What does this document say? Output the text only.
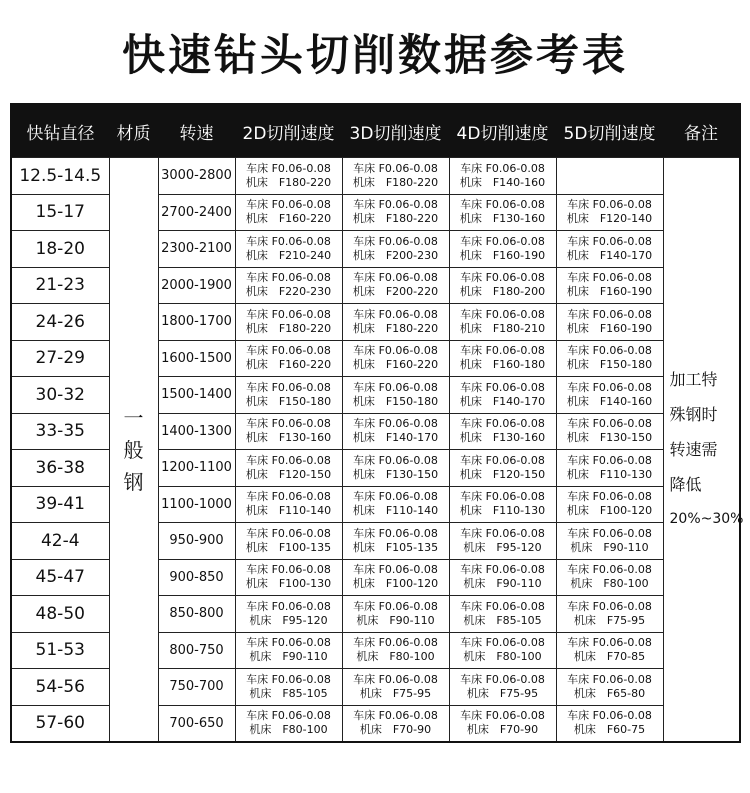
快速钻头切削数据参考表
快钻直径	材质	转速	2D切削速度	3D切削速度	4D切削速度	5D切削速度	备注
12.5-14.5	一
般
钢	3000-2800	车床 F0.06-0.08
机床　F180-220	车床 F0.06-0.08
机床　F180-220	车床 F0.06-0.08
机床　F140-160		加工特
殊钢时
转速需
降低
20%~30%

15-17		2700-2400	车床 F0.06-0.08
机床　F160-220	车床 F0.06-0.08
机床　F180-220	车床 F0.06-0.08
机床　F130-160	车床 F0.06-0.08
机床　F120-140	

18-20		2300-2100	车床 F0.06-0.08
机床　F210-240	车床 F0.06-0.08
机床　F200-230	车床 F0.06-0.08
机床　F160-190	车床 F0.06-0.08
机床　F140-170	

21-23		2000-1900	车床 F0.06-0.08
机床　F220-230	车床 F0.06-0.08
机床　F200-220	车床 F0.06-0.08
机床　F180-200	车床 F0.06-0.08
机床　F160-190	

24-26		1800-1700	车床 F0.06-0.08
机床　F180-220	车床 F0.06-0.08
机床　F180-220	车床 F0.06-0.08
机床　F180-210	车床 F0.06-0.08
机床　F160-190	

27-29		1600-1500	车床 F0.06-0.08
机床　F160-220	车床 F0.06-0.08
机床　F160-220	车床 F0.06-0.08
机床　F160-180	车床 F0.06-0.08
机床　F150-180	

30-32		1500-1400	车床 F0.06-0.08
机床　F150-180	车床 F0.06-0.08
机床　F150-180	车床 F0.06-0.08
机床　F140-170	车床 F0.06-0.08
机床　F140-160	

33-35		1400-1300	车床 F0.06-0.08
机床　F130-160	车床 F0.06-0.08
机床　F140-170	车床 F0.06-0.08
机床　F130-160	车床 F0.06-0.08
机床　F130-150	

36-38		1200-1100	车床 F0.06-0.08
机床　F120-150	车床 F0.06-0.08
机床　F130-150	车床 F0.06-0.08
机床　F120-150	车床 F0.06-0.08
机床　F110-130	

39-41		1100-1000	车床 F0.06-0.08
机床　F110-140	车床 F0.06-0.08
机床　F110-140	车床 F0.06-0.08
机床　F110-130	车床 F0.06-0.08
机床　F100-120	

42-4		950-900	车床 F0.06-0.08
机床　F100-135	车床 F0.06-0.08
机床　F105-135	车床 F0.06-0.08
机床　F95-120	车床 F0.06-0.08
机床　F90-110	

45-47		900-850	车床 F0.06-0.08
机床　F100-130	车床 F0.06-0.08
机床　F100-120	车床 F0.06-0.08
机床　F90-110	车床 F0.06-0.08
机床　F80-100	

48-50		850-800	车床 F0.06-0.08
机床　F95-120	车床 F0.06-0.08
机床　F90-110	车床 F0.06-0.08
机床　F85-105	车床 F0.06-0.08
机床　F75-95	

51-53		800-750	车床 F0.06-0.08
机床　F90-110	车床 F0.06-0.08
机床　F80-100	车床 F0.06-0.08
机床　F80-100	车床 F0.06-0.08
机床　F70-85	

54-56		750-700	车床 F0.06-0.08
机床　F85-105	车床 F0.06-0.08
机床　F75-95	车床 F0.06-0.08
机床　F75-95	车床 F0.06-0.08
机床　F65-80	

57-60		700-650	车床 F0.06-0.08
机床　F80-100	车床 F0.06-0.08
机床　F70-90	车床 F0.06-0.08
机床　F70-90	车床 F0.06-0.08
机床　F60-75	
